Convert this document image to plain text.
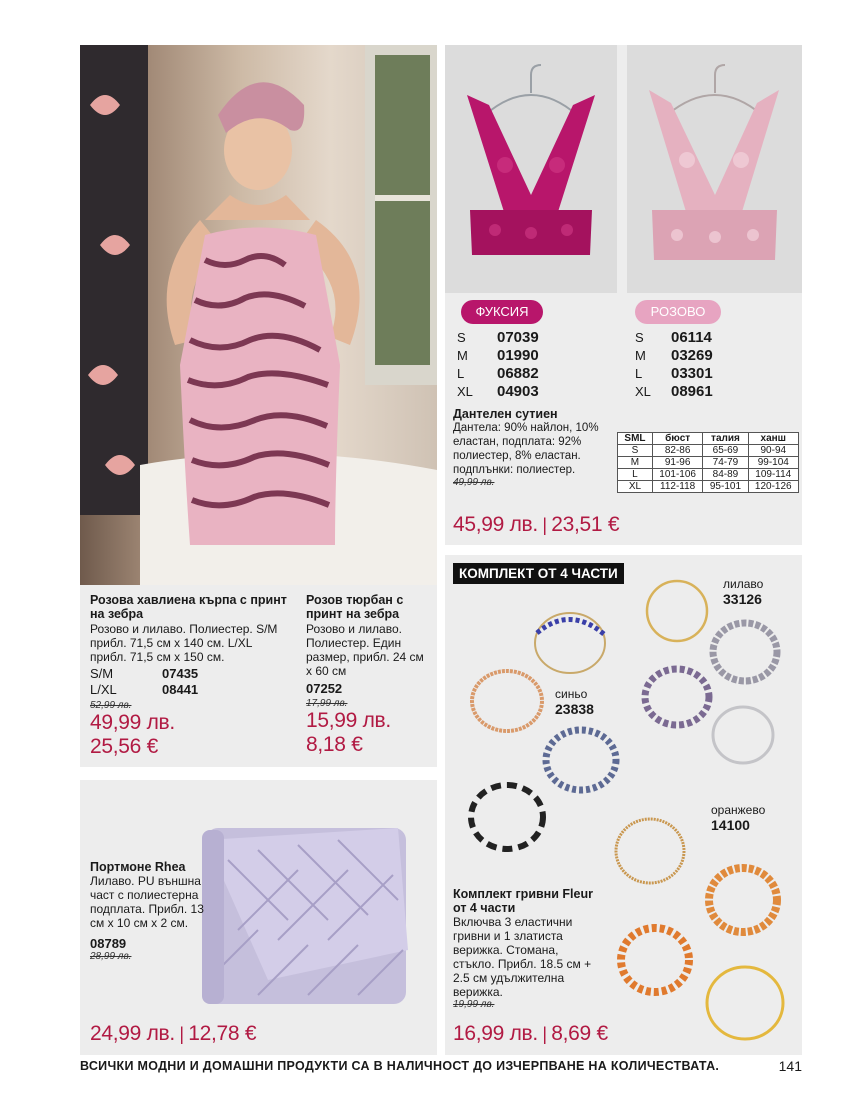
Розова хавлиена кърпа с принт на зебра
Розово и лилаво. Полиестер. S/M прибл. 71,5 см х 140 см. L/XL прибл. 71,5 см х 150 см.
S/M	07435
L/XL	08441
52,99 лв.
49,99 лв.
25,56 €
Розов тюрбан с принт на зебра
Розово и лилаво. Полиестер. Един размер, прибл. 24 см х 60 см
07252
17,99 лв.
15,99 лв.
8,18 €
ФУКСИЯ	РОЗОВО
S	07039
M	01990
L	06882
XL	04903
S	06114
M	03269
L	03301
XL	08961
Дантелен сутиен
Дантела: 90% найлон, 10% еластан, подплата: 92% полиестер, 8% еластан. подплънки: полиестер.
49,99 лв.
SML	бюст	талия	ханш
S	82-86	65-69	90-94
M	91-96	74-79	99-104
L	101-106	84-89	109-114
XL	112-118	95-101	120-126
45,99 лв. | 23,51 €
Портмоне Rhea
Лилаво. PU външна част с полиестерна подплата. Прибл. 13 см х 10 см х 2 см.
08789
28,99 лв.
24,99 лв. | 12,78 €
КОМПЛЕКТ ОТ 4 ЧАСТИ
лилаво
33126
синьо
23838
оранжево
14100
Комплект гривни Fleur от 4 части
Включва 3 еластични гривни и 1 златиста верижка. Стомана, стъкло. Прибл. 18.5 см + 2.5 см удължителна верижка.
19,99 лв.
16,99 лв. | 8,69 €
ВСИЧКИ МОДНИ И ДОМАШНИ ПРОДУКТИ СА В НАЛИЧНОСТ ДО ИЗЧЕРПВАНЕ НА КОЛИЧЕСТВАТА.	141
